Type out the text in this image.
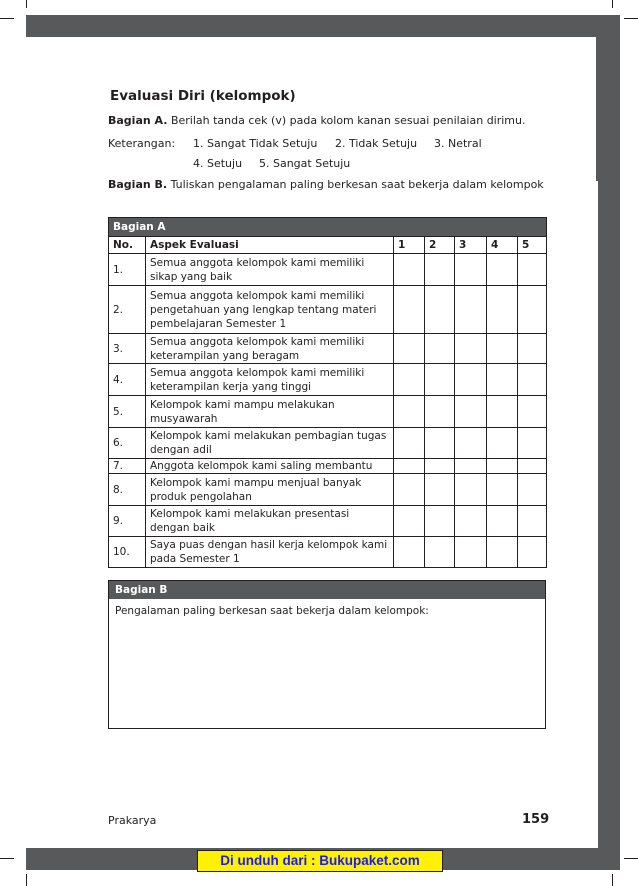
Evaluasi Diri (kelompok)
Bagian A. Berilah tanda cek (v) pada kolom kanan sesuai penilaian dirimu.
Keterangan: 1. Sangat Tidak Setuju 2. Tidak Setuju 3. Netral
4. Setuju 5. Sangat Setuju
Bagian B. Tuliskan pengalaman paling berkesan saat bekerja dalam kelompok
Bagian A						
No.	Aspek Evaluasi	1	2	3	4	5
1.	Semua anggota kelompok kami memiliki sikap yang baik					
2.	Semua anggota kelompok kami memiliki pengetahuan yang lengkap tentang materi pembelajaran Semester 1					
3.	Semua anggota kelompok kami memiliki keterampilan yang beragam					
4.	Semua anggota kelompok kami memiliki keterampilan kerja yang tinggi					
5.	Kelompok kami mampu melakukan musyawarah					
6.	Kelompok kami melakukan pembagian tugas dengan adil					
7.	Anggota kelompok kami saling membantu					
8.	Kelompok kami mampu menjual banyak produk pengolahan					
9.	Kelompok kami melakukan presentasi dengan baik					
10.	Saya puas dengan hasil kerja kelompok kami pada Semester 1					
Bagian B
Pengalaman paling berkesan saat bekerja dalam kelompok:
Prakarya	159
Di unduh dari : Bukupaket.com
